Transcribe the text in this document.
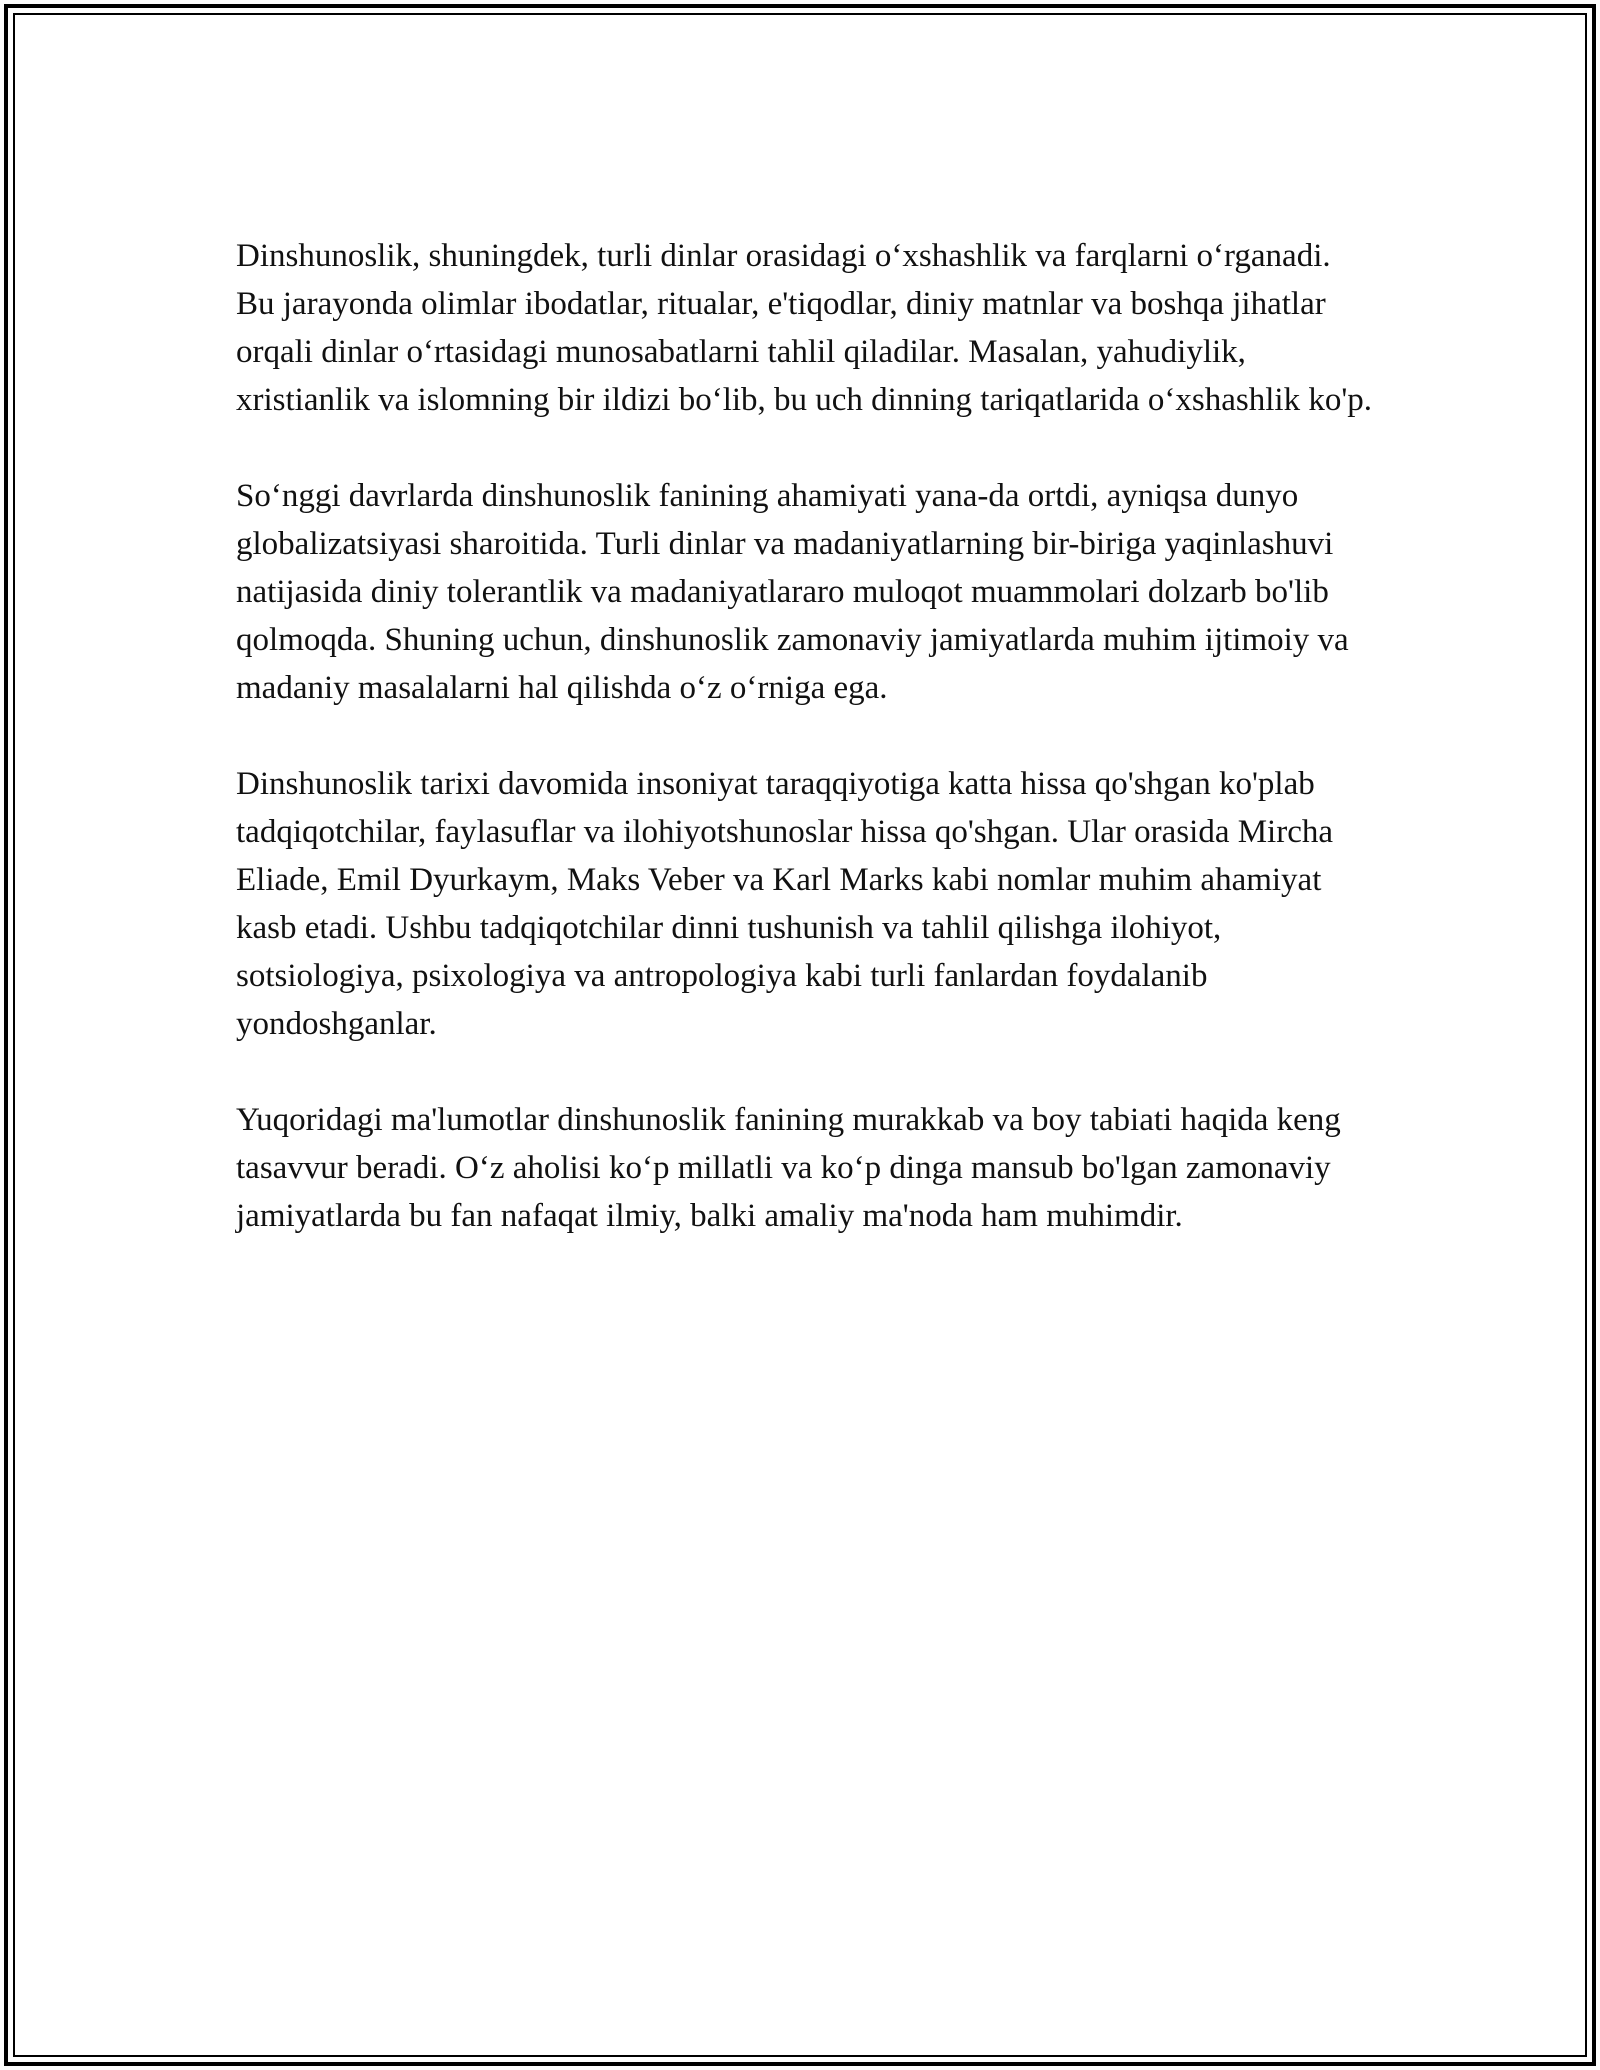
Dinshunoslik, shuningdek, turli dinlar orasidagi o‘xshashlik va farqlarni o‘rganadi. Bu jarayonda olimlar ibodatlar, ritualar, e'tiqodlar, diniy matnlar va boshqa jihatlar orqali dinlar o‘rtasidagi munosabatlarni tahlil qiladilar. Masalan, yahudiylik, xristianlik va islomning bir ildizi bo‘lib, bu uch dinning tariqatlarida o‘xshashlik ko'p.

So‘nggi davrlarda dinshunoslik fanining ahamiyati yana-da ortdi, ayniqsa dunyo globalizatsiyasi sharoitida. Turli dinlar va madaniyatlarning bir-biriga yaqinlashuvi natijasida diniy tolerantlik va madaniyatlararo muloqot muammolari dolzarb bo'lib qolmoqda. Shuning uchun, dinshunoslik zamonaviy jamiyatlarda muhim ijtimoiy va madaniy masalalarni hal qilishda o‘z o‘rniga ega.

Dinshunoslik tarixi davomida insoniyat taraqqiyotiga katta hissa qo'shgan ko'plab tadqiqotchilar, faylasuflar va ilohiyotshunoslar hissa qo'shgan. Ular orasida Mircha Eliade, Emil Dyurkaym, Maks Veber va Karl Marks kabi nomlar muhim ahamiyat kasb etadi. Ushbu tadqiqotchilar dinni tushunish va tahlil qilishga ilohiyot, sotsiologiya, psixologiya va antropologiya kabi turli fanlardan foydalanib yondoshganlar.

Yuqoridagi ma'lumotlar dinshunoslik fanining murakkab va boy tabiati haqida keng tasavvur beradi. O‘z aholisi ko‘p millatli va ko‘p dinga mansub bo'lgan zamonaviy jamiyatlarda bu fan nafaqat ilmiy, balki amaliy ma'noda ham muhimdir.
